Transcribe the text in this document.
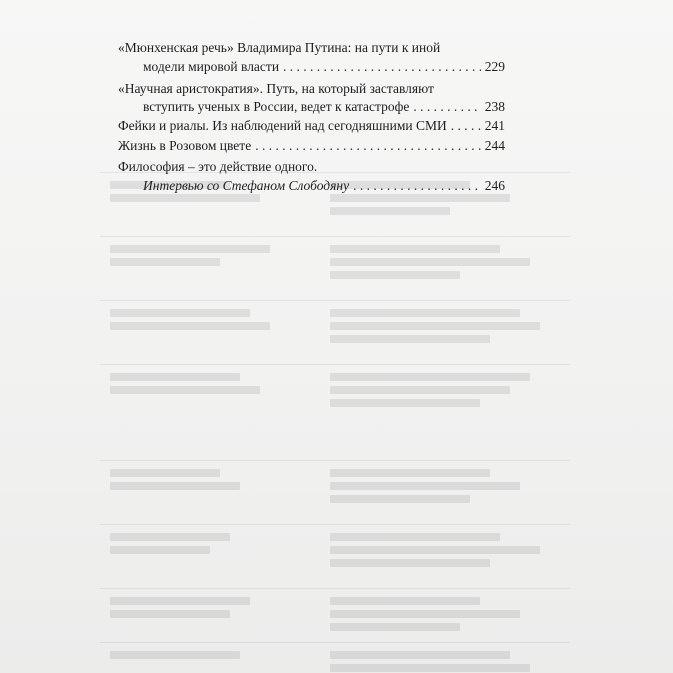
«Мюнхенская речь» Владимира Путина: на пути к иной
модели мировой власти . . .	229
«Научная аристократия». Путь, на который заставляют
вступить ученых в России, ведет к катастрофе . . .	238
Фейки и риалы. Из наблюдений над сегодняшними СМИ . . .	241
Жизнь в Розовом цвете . . .	244
Философия – это действие одного.
Интервью со Стефаном Слободяну . . .	246
